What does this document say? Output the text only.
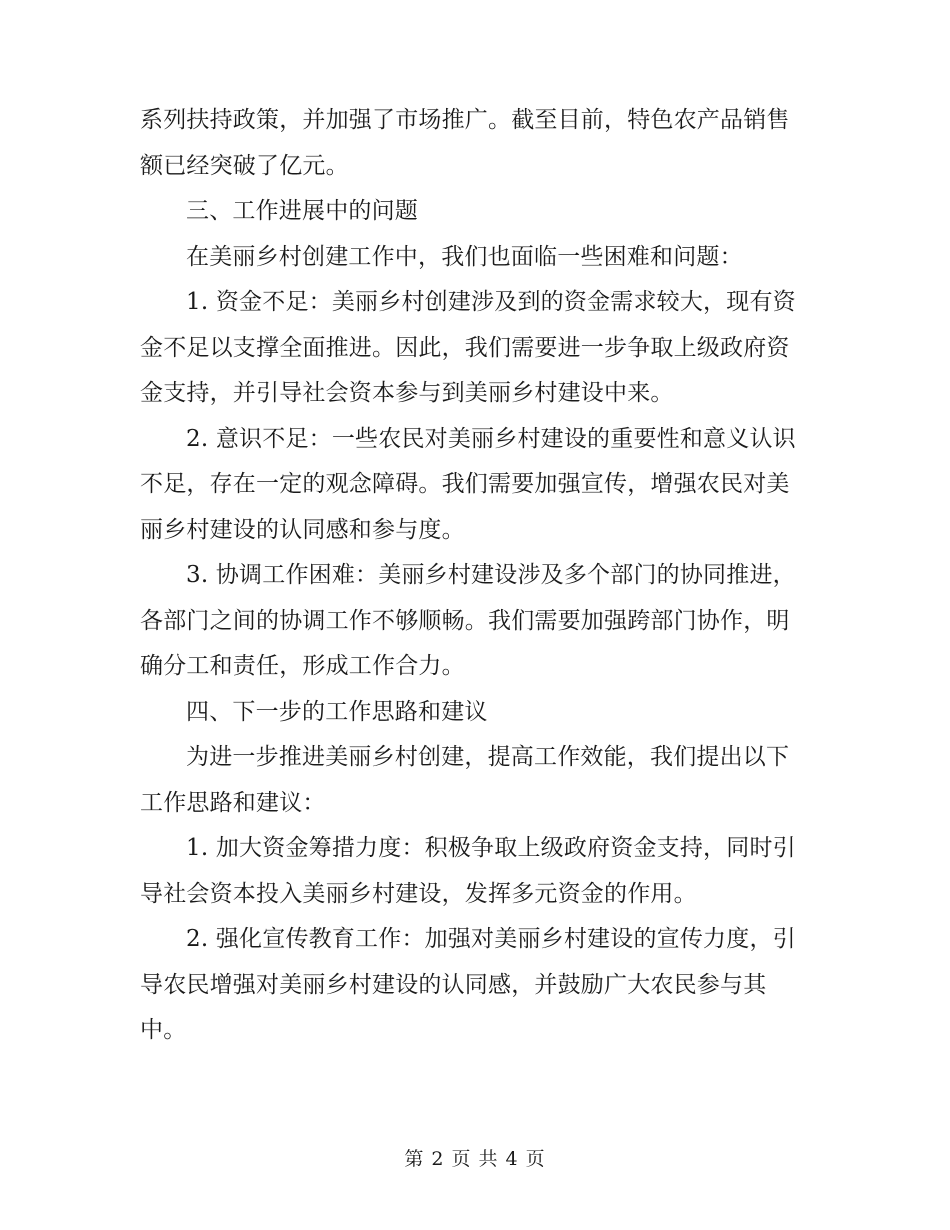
系列扶持政策，并加强了市场推广。截至目前，特色农产品销售
额已经突破了亿元。
三、工作进展中的问题
在美丽乡村创建工作中，我们也面临一些困难和问题：
1. 资金不足：美丽乡村创建涉及到的资金需求较大，现有资
金不足以支撑全面推进。因此，我们需要进一步争取上级政府资
金支持，并引导社会资本参与到美丽乡村建设中来。
2. 意识不足：一些农民对美丽乡村建设的重要性和意义认识
不足，存在一定的观念障碍。我们需要加强宣传，增强农民对美
丽乡村建设的认同感和参与度。
3. 协调工作困难：美丽乡村建设涉及多个部门的协同推进，
各部门之间的协调工作不够顺畅。我们需要加强跨部门协作，明
确分工和责任，形成工作合力。
四、下一步的工作思路和建议
为进一步推进美丽乡村创建，提高工作效能，我们提出以下
工作思路和建议：
1. 加大资金筹措力度：积极争取上级政府资金支持，同时引
导社会资本投入美丽乡村建设，发挥多元资金的作用。
2. 强化宣传教育工作：加强对美丽乡村建设的宣传力度，引
导农民增强对美丽乡村建设的认同感，并鼓励广大农民参与其
中。
第 2 页 共 4 页
